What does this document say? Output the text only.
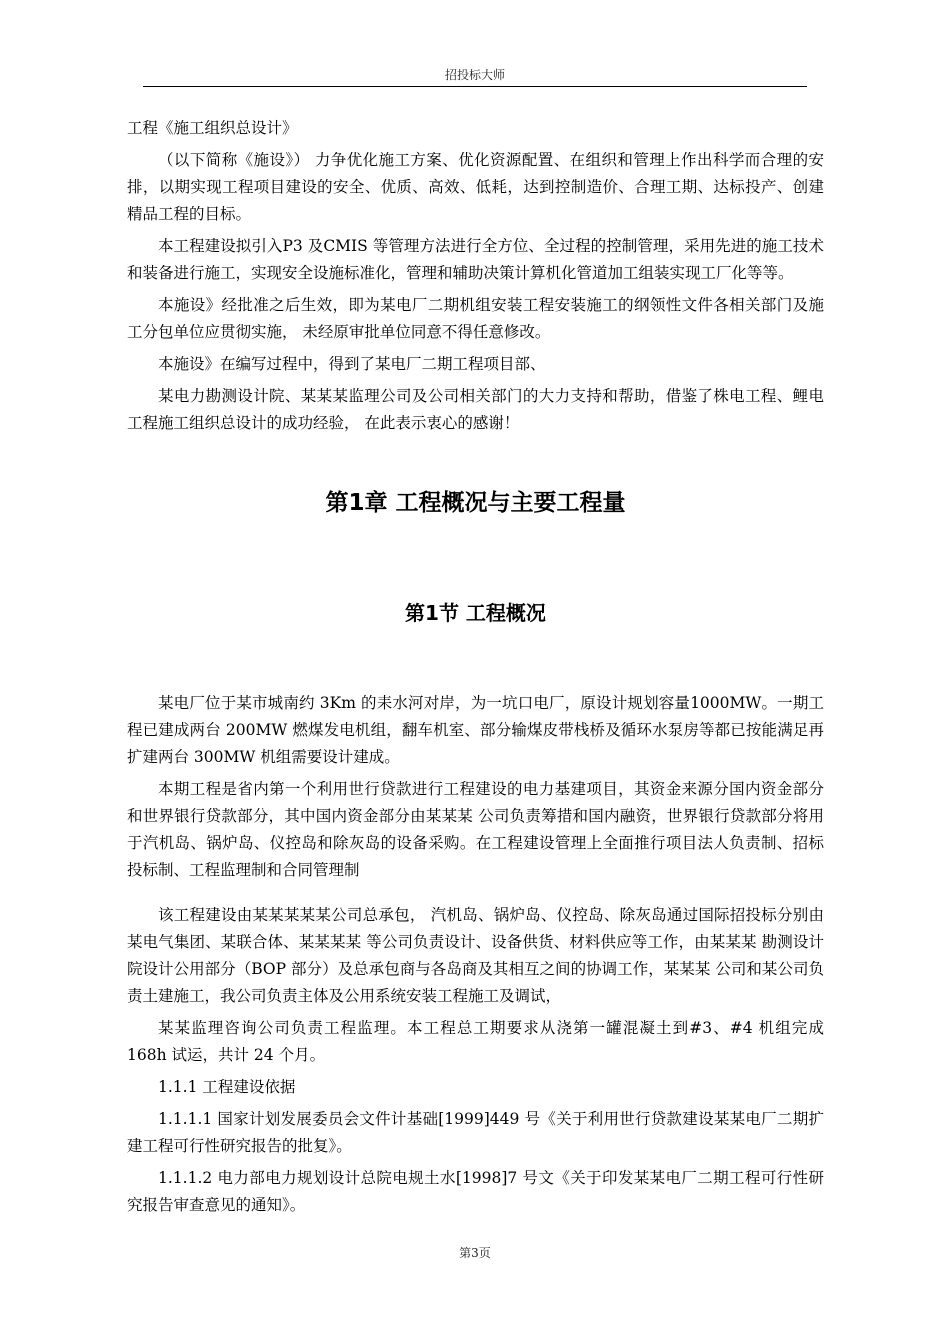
招投标大师

工程《施工组织总设计》

（以下简称《施设》） 力争优化施工方案、优化资源配置、在组织和管理上作出科学而合理的安排，以期实现工程项目建设的安全、优质、高效、低耗，达到控制造价、合理工期、达标投产、创建精品工程的目标。

本工程建设拟引入P3 及CMIS 等管理方法进行全方位、全过程的控制管理，采用先进的施工技术和装备进行施工，实现安全设施标准化，管理和辅助决策计算机化管道加工组装实现工厂化等等。

本施设》经批准之后生效，即为某电厂二期机组安装工程安装施工的纲领性文件各相关部门及施工分包单位应贯彻实施， 未经原审批单位同意不得任意修改。

本施设》在编写过程中，得到了某电厂二期工程项目部、

某电力勘测设计院、某某某监理公司及公司相关部门的大力支持和帮助，借鉴了株电工程、鲤电工程施工组织总设计的成功经验， 在此表示衷心的感谢！

第1章 工程概况与主要工程量
第1节 工程概况

某电厂位于某市城南约 3Km 的耒水河对岸，为一坑口电厂，原设计规划容量1000MW。一期工程已建成两台 200MW 燃煤发电机组，翻车机室、部分输煤皮带栈桥及循环水泵房等都已按能满足再扩建两台 300MW 机组需要设计建成。

本期工程是省内第一个利用世行贷款进行工程建设的电力基建项目，其资金来源分国内资金部分和世界银行贷款部分，其中国内资金部分由某某某 公司负责筹措和国内融资，世界银行贷款部分将用于汽机岛、锅炉岛、仪控岛和除灰岛的设备采购。在工程建设管理上全面推行项目法人负责制、招标投标制、工程监理制和合同管理制

该工程建设由某某某某某公司总承包， 汽机岛、锅炉岛、仪控岛、除灰岛通过国际招投标分别由某电气集团、某联合体、某某某某 等公司负责设计、设备供货、材料供应等工作，由某某某 勘测设计院设计公用部分（BOP 部分）及总承包商与各岛商及其相互之间的协调工作，某某某 公司和某公司负责土建施工，我公司负责主体及公用系统安装工程施工及调试，

某某监理咨询公司负责工程监理。本工程总工期要求从浇第一罐混凝土到#3、#4 机组完成 168h 试运，共计 24 个月。

1.1.1 工程建设依据

1.1.1.1 国家计划发展委员会文件计基础[1999]449 号《关于利用世行贷款建设某某电厂二期扩建工程可行性研究报告的批复》。

1.1.1.2 电力部电力规划设计总院电规土水[1998]7 号文《关于印发某某电厂二期工程可行性研究报告审查意见的通知》。

第3页
